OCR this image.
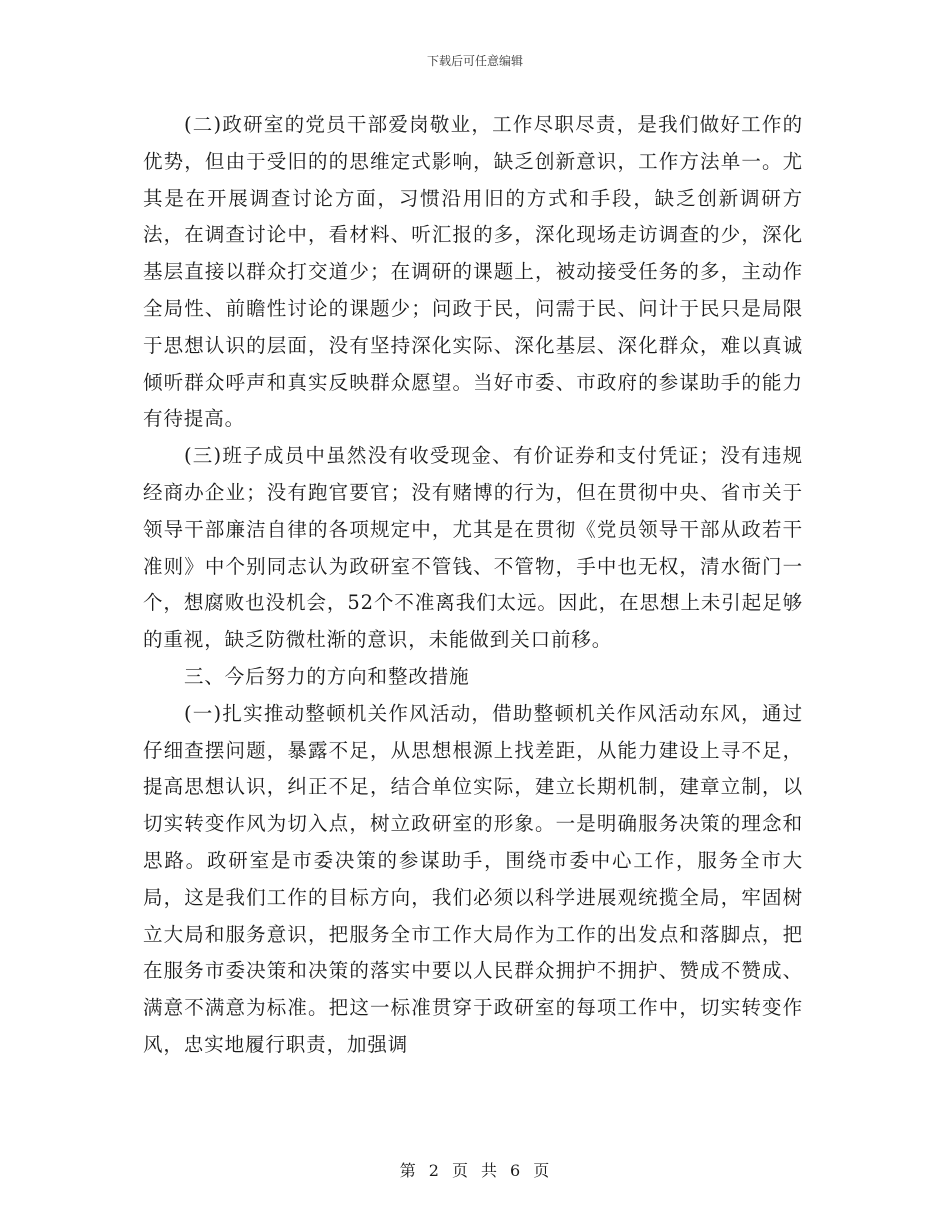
下载后可任意编辑

(二)政研室的党员干部爱岗敬业，工作尽职尽责，是我们做好工作的优势，但由于受旧的的思维定式影响，缺乏创新意识，工作方法单一。尤其是在开展调查讨论方面，习惯沿用旧的方式和手段，缺乏创新调研方法，在调查讨论中，看材料、听汇报的多，深化现场走访调查的少，深化基层直接以群众打交道少；在调研的课题上，被动接受任务的多，主动作全局性、前瞻性讨论的课题少；问政于民，问需于民、问计于民只是局限于思想认识的层面，没有坚持深化实际、深化基层、深化群众，难以真诚倾听群众呼声和真实反映群众愿望。当好市委、市政府的参谋助手的能力有待提高。

(三)班子成员中虽然没有收受现金、有价证券和支付凭证；没有违规经商办企业；没有跑官要官；没有赌博的行为，但在贯彻中央、省市关于领导干部廉洁自律的各项规定中，尤其是在贯彻《党员领导干部从政若干准则》中个别同志认为政研室不管钱、不管物，手中也无权，清水衙门一个，想腐败也没机会，52个不准离我们太远。因此，在思想上未引起足够的重视，缺乏防微杜渐的意识，未能做到关口前移。

三、今后努力的方向和整改措施

(一)扎实推动整顿机关作风活动，借助整顿机关作风活动东风，通过仔细查摆问题，暴露不足，从思想根源上找差距，从能力建设上寻不足，提高思想认识，纠正不足，结合单位实际，建立长期机制，建章立制，以切实转变作风为切入点，树立政研室的形象。一是明确服务决策的理念和思路。政研室是市委决策的参谋助手，围绕市委中心工作，服务全市大局，这是我们工作的目标方向，我们必须以科学进展观统揽全局，牢固树立大局和服务意识，把服务全市工作大局作为工作的出发点和落脚点，把在服务市委决策和决策的落实中要以人民群众拥护不拥护、赞成不赞成、满意不满意为标准。把这一标准贯穿于政研室的每项工作中，切实转变作风，忠实地履行职责，加强调

第 2 页 共 6 页
